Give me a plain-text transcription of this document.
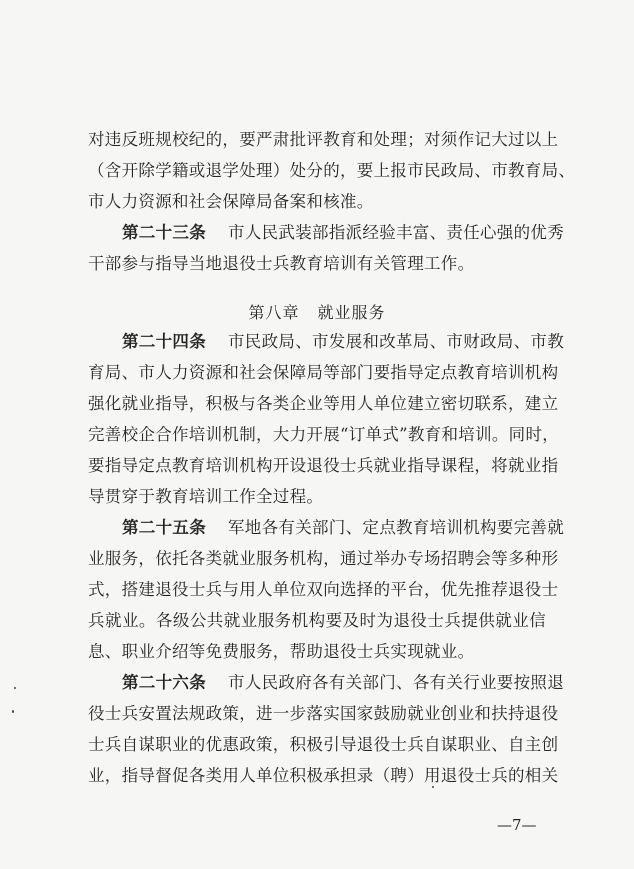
对违反班规校纪的，要严肃批评教育和处理；对须作记大过以上
（含开除学籍或退学处理）处分的，要上报市民政局、市教育局、
市人力资源和社会保障局备案和核准。
第二十三条 市人民武装部指派经验丰富、责任心强的优秀
干部参与指导当地退役士兵教育培训有关管理工作。
第八章 就业服务
第二十四条 市民政局、市发展和改革局、市财政局、市教
育局、市人力资源和社会保障局等部门要指导定点教育培训机构
强化就业指导，积极与各类企业等用人单位建立密切联系，建立
完善校企合作培训机制，大力开展“订单式”教育和培训。同时，
要指导定点教育培训机构开设退役士兵就业指导课程，将就业指
导贯穿于教育培训工作全过程。
第二十五条 军地各有关部门、定点教育培训机构要完善就
业服务，依托各类就业服务机构，通过举办专场招聘会等多种形
式，搭建退役士兵与用人单位双向选择的平台，优先推荐退役士
兵就业。各级公共就业服务机构要及时为退役士兵提供就业信
息、职业介绍等免费服务，帮助退役士兵实现就业。
第二十六条 市人民政府各有关部门、各有关行业要按照退
役士兵安置法规政策，进一步落实国家鼓励就业创业和扶持退役
士兵自谋职业的优惠政策，积极引导退役士兵自谋职业、自主创
业，指导督促各类用人单位积极承担录（聘）用退役士兵的相关
—7—
